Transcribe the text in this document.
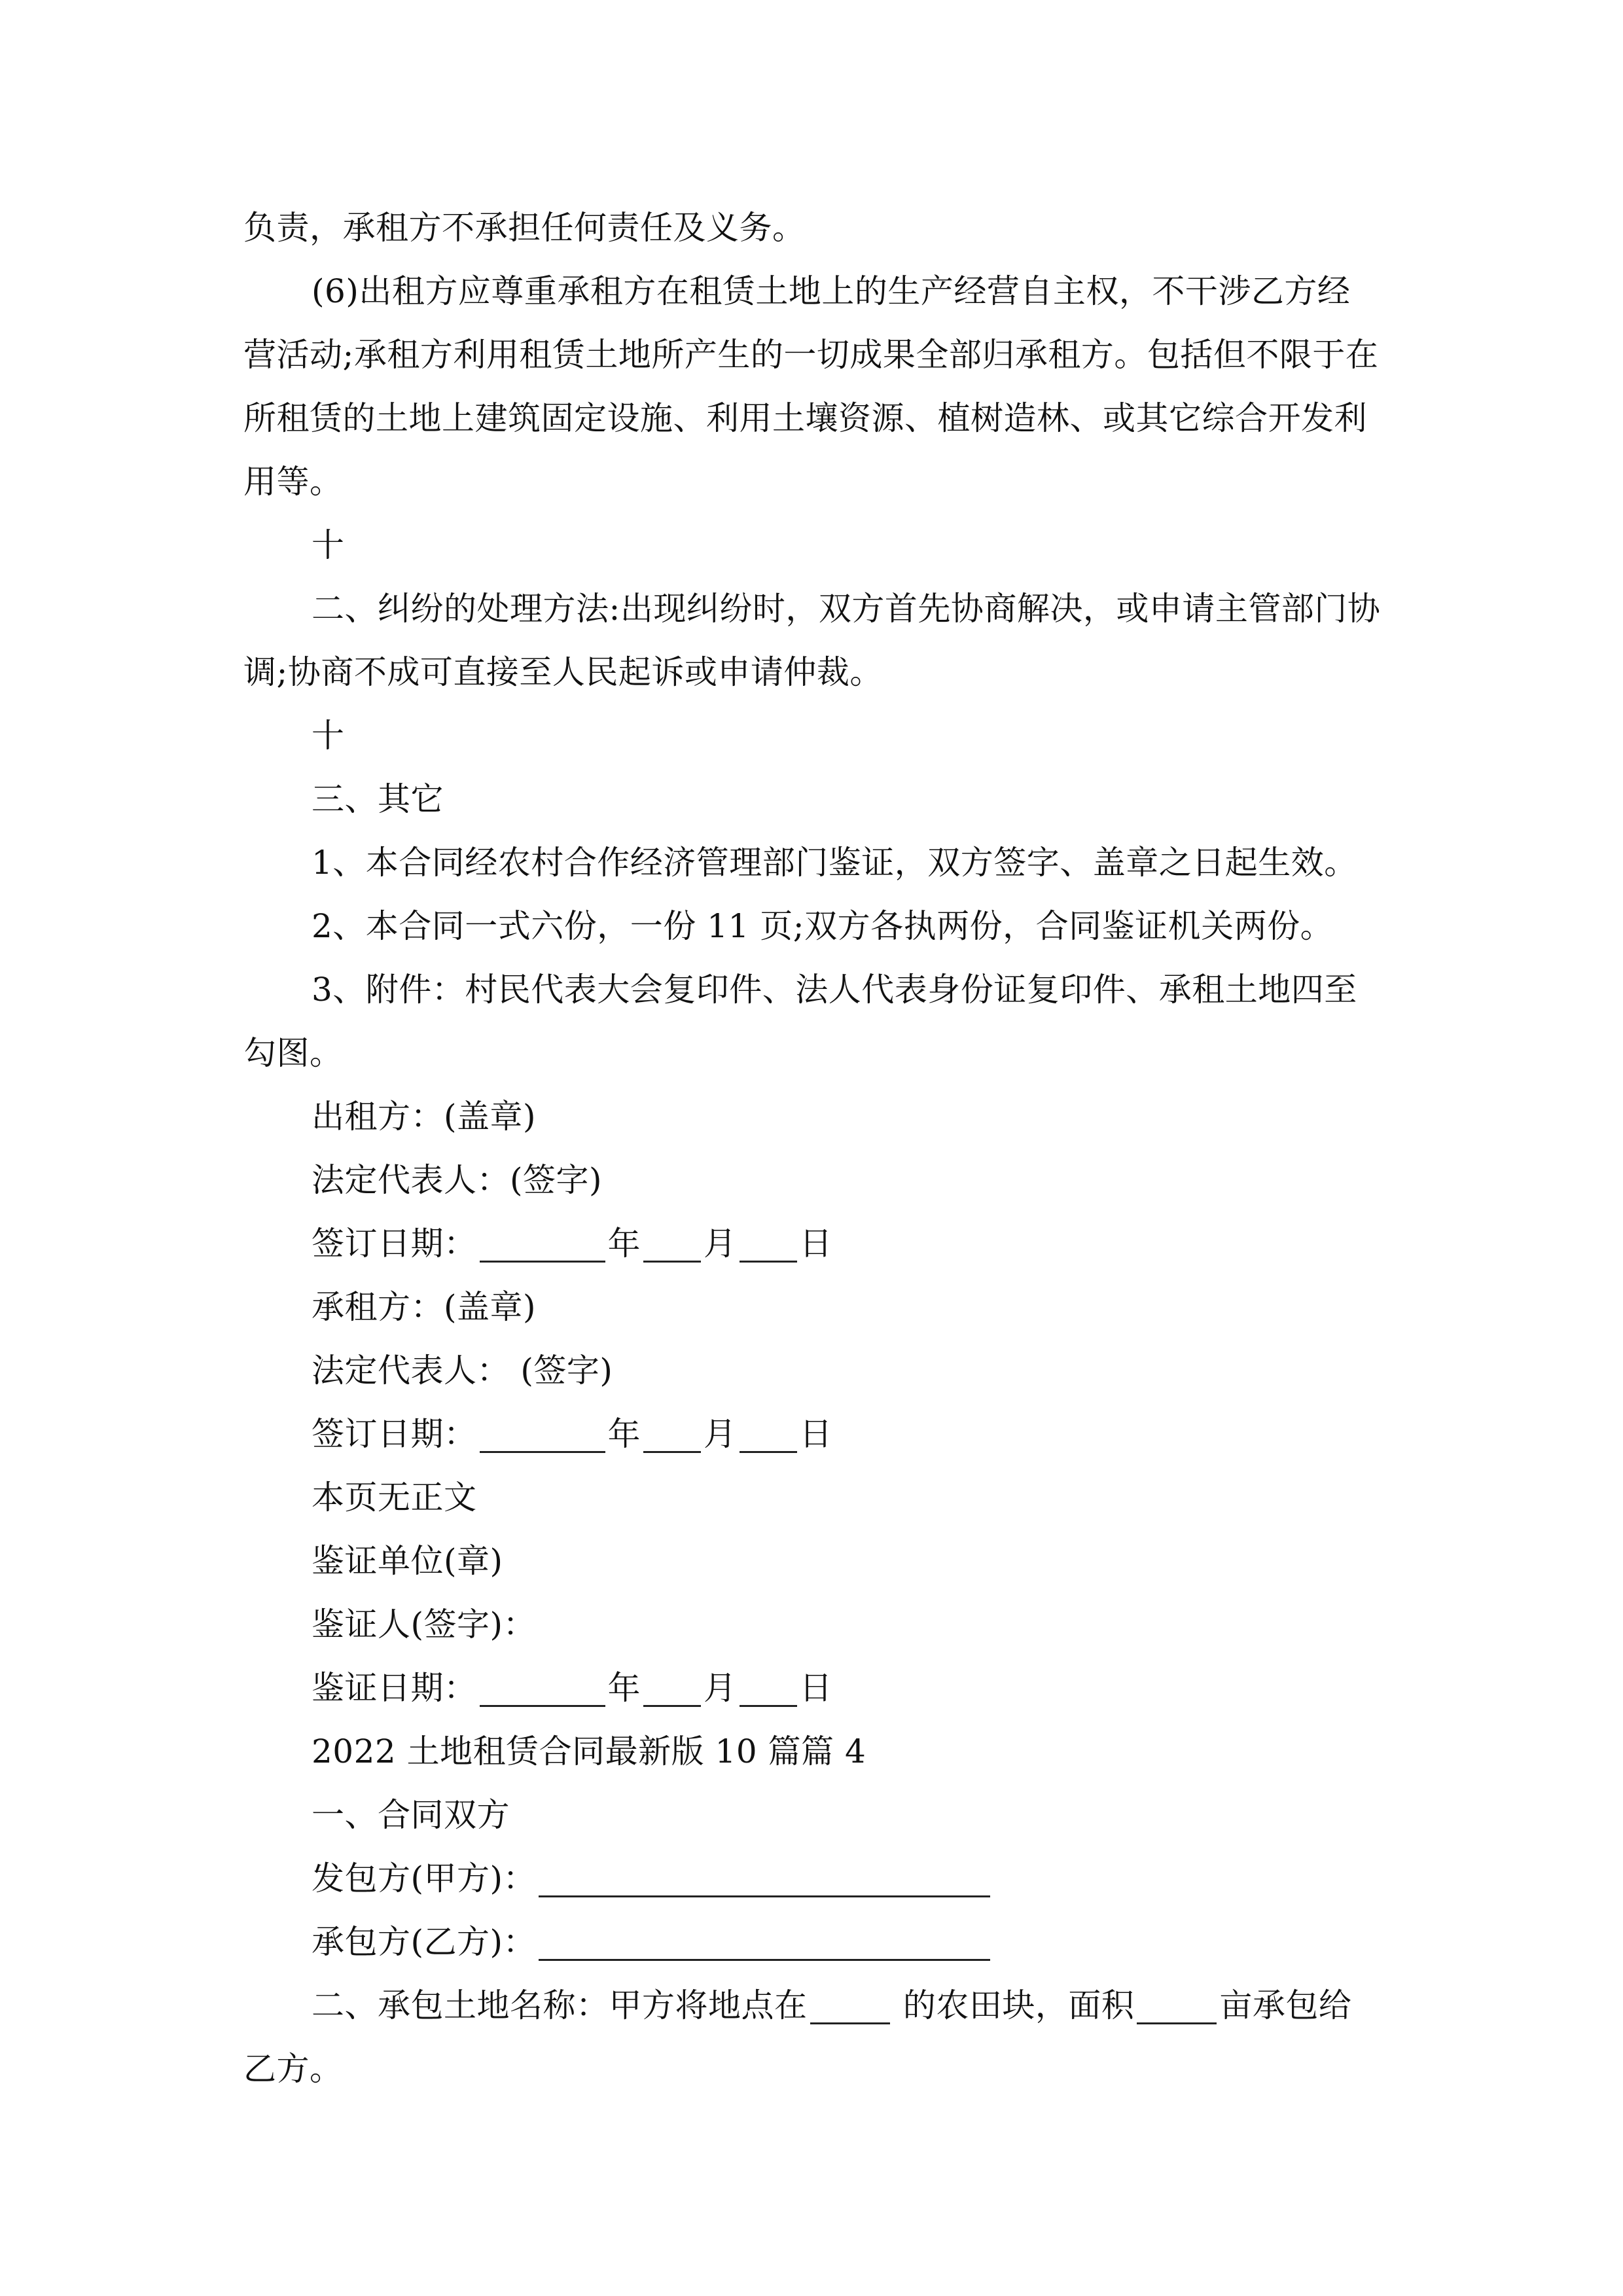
负责，承租方不承担任何责任及义务。

(6)出租方应尊重承租方在租赁土地上的生产经营自主权，不干涉乙方经营活动;承租方利用租赁土地所产生的一切成果全部归承租方。包括但不限于在所租赁的土地上建筑固定设施、利用土壤资源、植树造林、或其它综合开发利用等。

十

二、纠纷的处理方法:出现纠纷时，双方首先协商解决，或申请主管部门协调;协商不成可直接至人民起诉或申请仲裁。

十

三、其它

1、本合同经农村合作经济管理部门鉴证，双方签字、盖章之日起生效。

2、本合同一式六份，一份 11 页;双方各执两份，合同鉴证机关两份。

3、附件：村民代表大会复印件、法人代表身份证复印件、承租土地四至勾图。

出租方：(盖章)

法定代表人：(签字)

签订日期：	年 月 日

承租方：(盖章)

法定代表人： (签字)

签订日期：	年 月 日

本页无正文

鉴证单位(章)

鉴证人(签字)：

鉴证日期：	年 月 日

2022 土地租赁合同最新版 10 篇篇 4

一、合同双方

发包方(甲方)：

承包方(乙方)：

二、承包土地名称：甲方将地点在	的农田块，面积	亩承包给乙方。
